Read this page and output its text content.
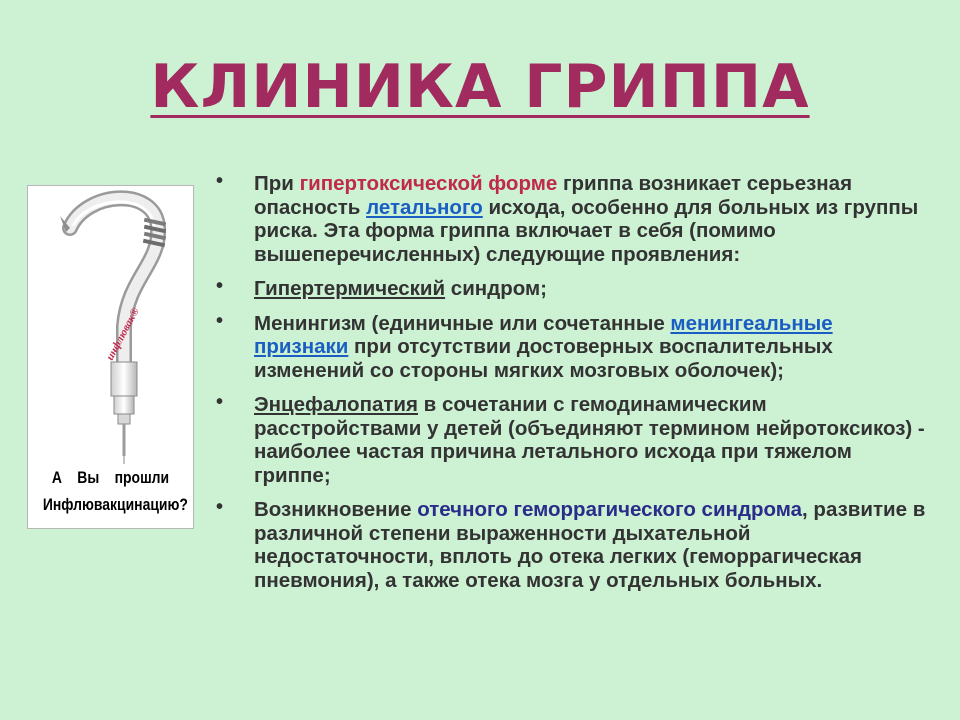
КЛИНИКА ГРИППА
инфлювак®
А Вы прошли
Инфлювакцинацию?
• При гипертоксической форме гриппа возникает серьезная опасность летального исхода, особенно для больных из группы риска. Эта форма гриппа включает в себя (помимо вышеперечисленных) следующие проявления:
• Гипертермический синдром;
• Менингизм (единичные или сочетанные менингеальные признаки при отсутствии достоверных воспалительных изменений со стороны мягких мозговых оболочек);
• Энцефалопатия в сочетании с гемодинамическим расстройствами у детей (объединяют термином нейротоксикоз) - наиболее частая причина летального исхода при тяжелом гриппе;
• Возникновение отечного геморрагического синдрома, развитие в различной степени выраженности дыхательной недостаточности, вплоть до отека легких (геморрагическая пневмония), а также отека мозга у отдельных больных.
